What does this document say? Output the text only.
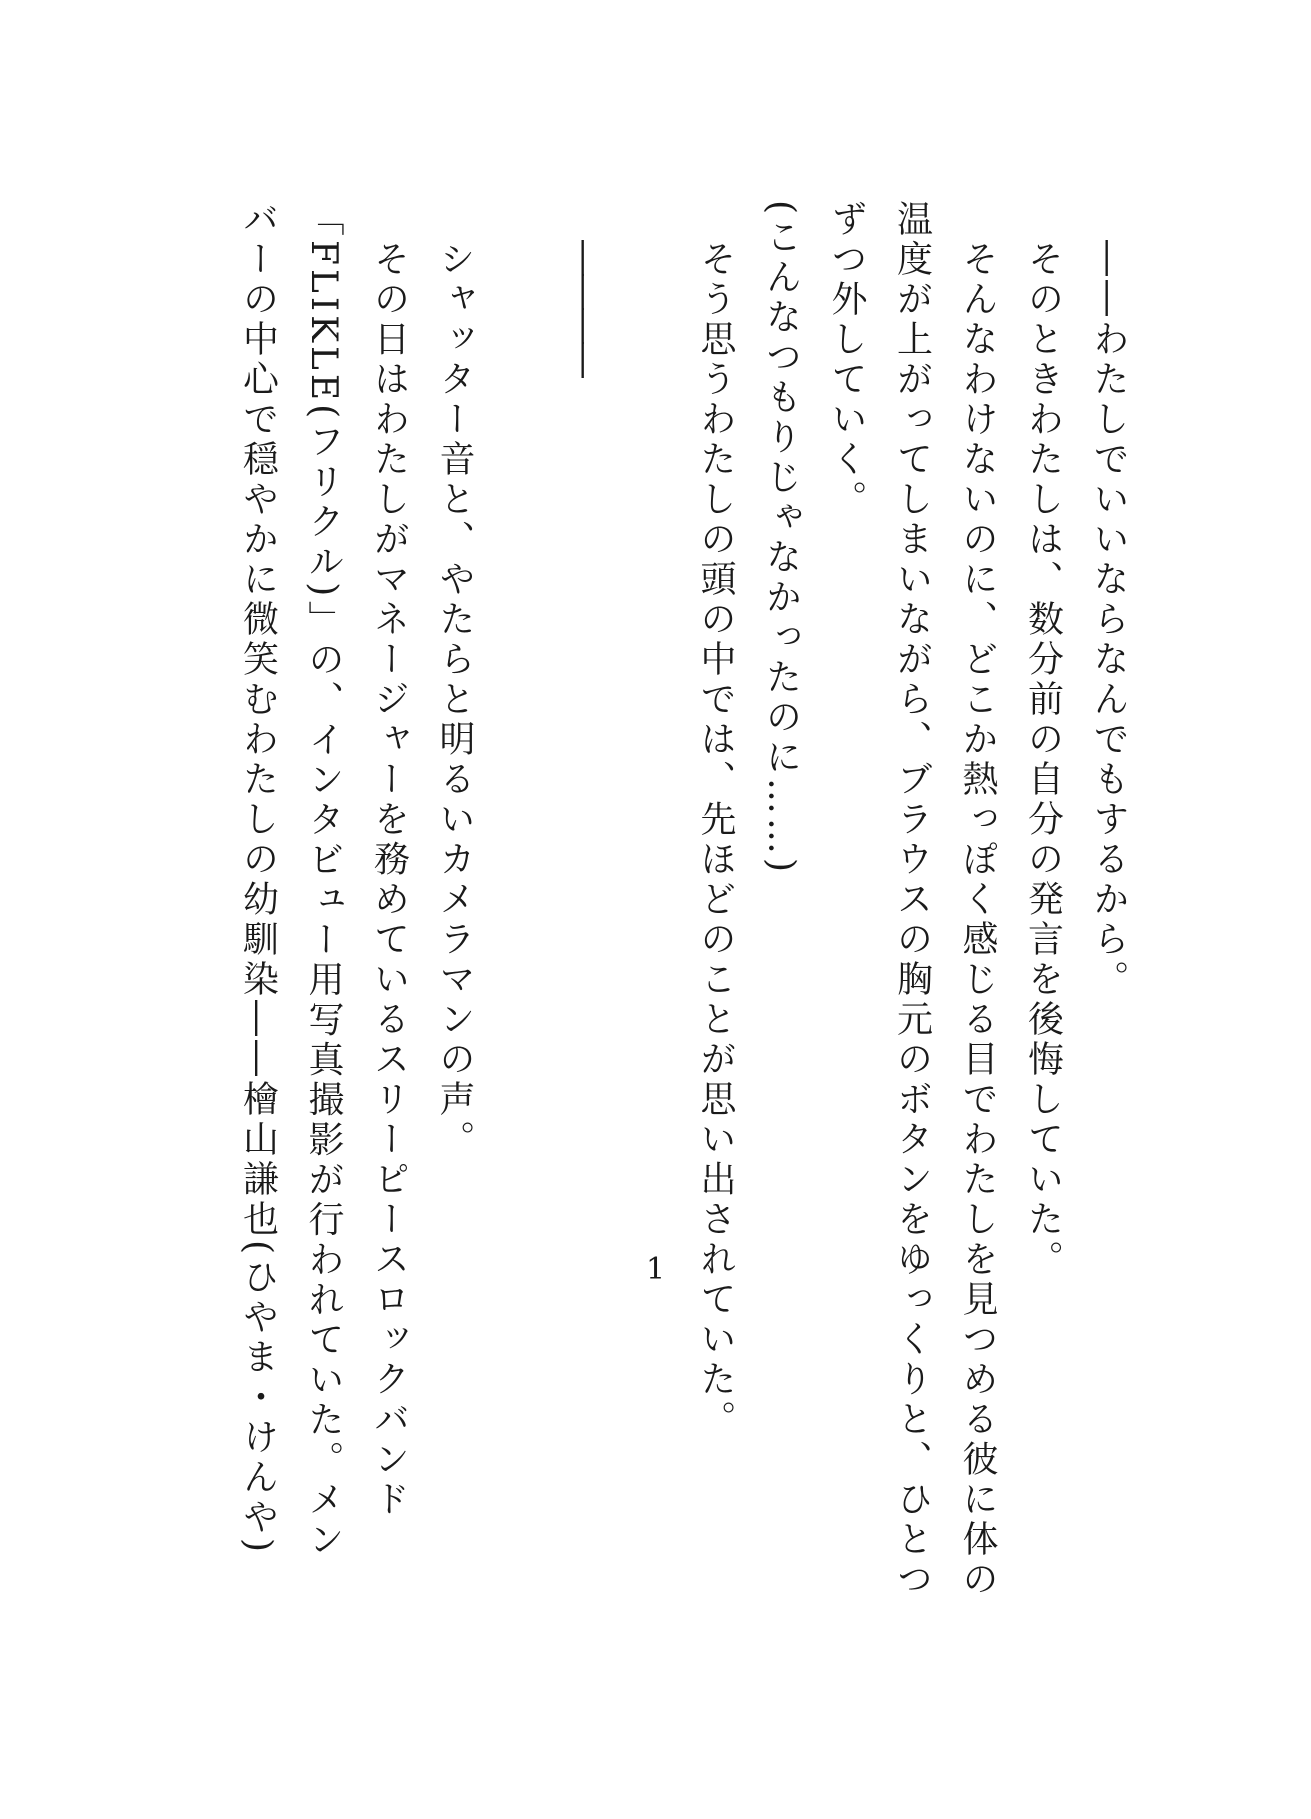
――わたしでいいならなんでもするから。
そのときわたしは、数分前の自分の発言を後悔していた。
そんなわけないのに、どこか熱っぽく感じる目でわたしを見つめる彼に体の
温度が上がってしまいながら、ブラウスの胸元のボタンをゆっくりと、ひとつ
ずつ外していく。
(こんなつもりじゃなかったのに……)
そう思うわたしの頭の中では、先ほどのことが思い出されていた。
――――
シャッター音と、やたらと明るいカメラマンの声。
その日はわたしがマネージャーを務めているスリーピースロックバンド
「FLIKLE(フリクル)」の、インタビュー用写真撮影が行われていた。メン
バーの中心で穏やかに微笑むわたしの幼馴染――檜山謙也(ひやま・けんや)	1
